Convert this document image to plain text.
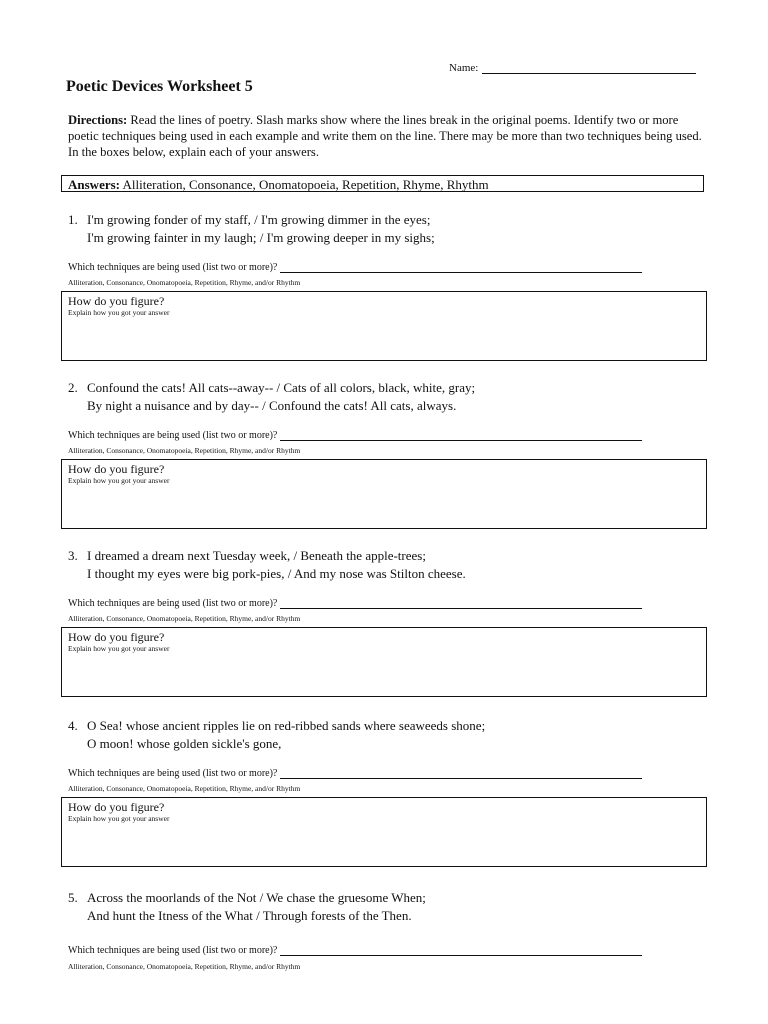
Name:
Poetic Devices Worksheet 5
Directions: Read the lines of poetry. Slash marks show where the lines break in the original poems. Identify two or more poetic techniques being used in each example and write them on the line. There may be more than two techniques being used. In the boxes below, explain each of your answers.
Answers: Alliteration, Consonance, Onomatopoeia, Repetition, Rhyme, Rhythm
1. I'm growing fonder of my staff, / I'm growing dimmer in the eyes;
I'm growing fainter in my laugh; / I'm growing deeper in my sighs;
Which techniques are being used (list two or more)?
Alliteration, Consonance, Onomatopoeia, Repetition, Rhyme, and/or Rhythm
How do you figure?
Explain how you got your answer
2. Confound the cats! All cats--away-- / Cats of all colors, black, white, gray;
By night a nuisance and by day-- / Confound the cats! All cats, always.
Which techniques are being used (list two or more)?
Alliteration, Consonance, Onomatopoeia, Repetition, Rhyme, and/or Rhythm
How do you figure?
Explain how you got your answer
3. I dreamed a dream next Tuesday week, / Beneath the apple-trees;
I thought my eyes were big pork-pies, / And my nose was Stilton cheese.
Which techniques are being used (list two or more)?
Alliteration, Consonance, Onomatopoeia, Repetition, Rhyme, and/or Rhythm
How do you figure?
Explain how you got your answer
4. O Sea! whose ancient ripples lie on red-ribbed sands where seaweeds shone;
O moon! whose golden sickle's gone,
Which techniques are being used (list two or more)?
Alliteration, Consonance, Onomatopoeia, Repetition, Rhyme, and/or Rhythm
How do you figure?
Explain how you got your answer
5. Across the moorlands of the Not / We chase the gruesome When;
And hunt the Itness of the What / Through forests of the Then.
Which techniques are being used (list two or more)?
Alliteration, Consonance, Onomatopoeia, Repetition, Rhyme, and/or Rhythm
